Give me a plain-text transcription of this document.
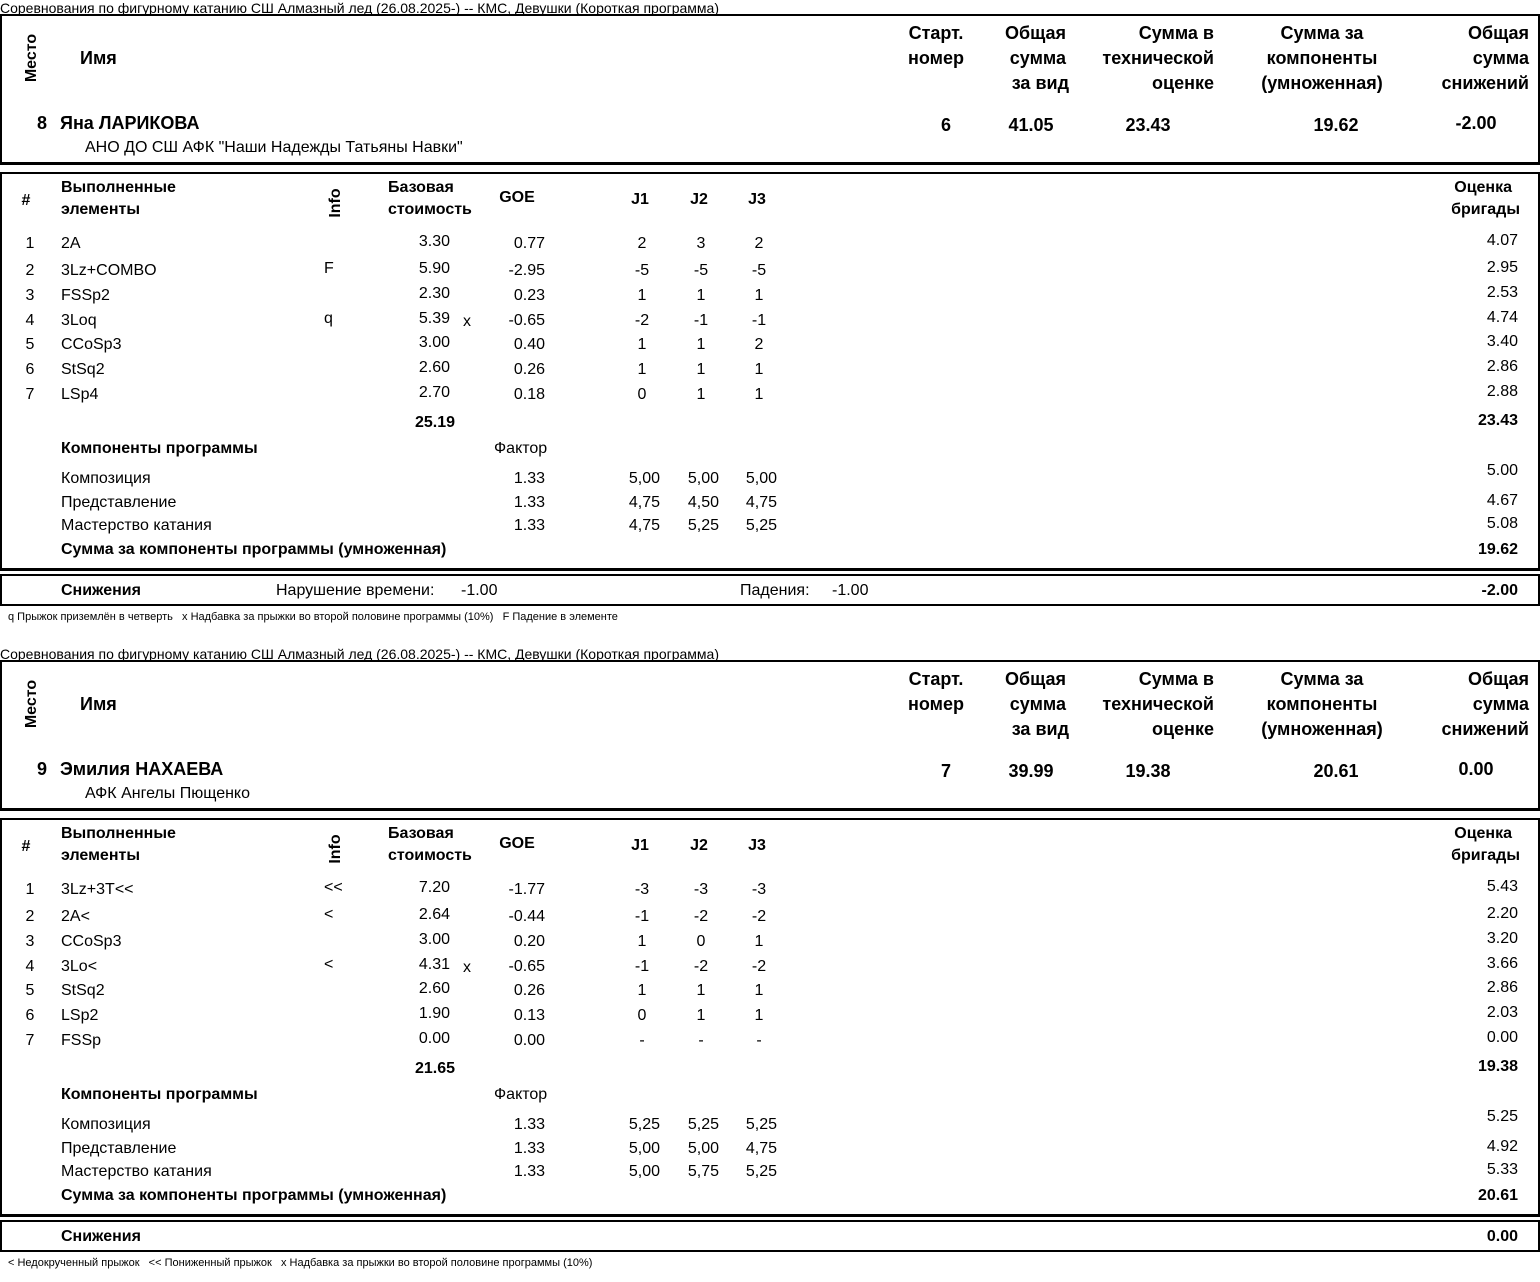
Соревнования по фигурному катанию СШ Алмазный лед (26.08.2025-) -- КМС, Девушки (Короткая программа)
Место Имя
Старт.
номер
Общая
сумма
за вид
Сумма в
технической
оценке
Сумма за
компоненты
(умноженная)
Общая
сумма
снижений
8 Яна ЛАРИКОВА
АНО ДО СШ АФК "Наши Надежды Татьяны Навки"
6	41.05	23.43	19.62	-2.00
#
Выполненные
элементы	Info
Базовая
стоимость
GOE	J1	J2	J3
Оценка
бригады
1 2A	3.30	0.77	2	3	2	4.07
2 3Lz+COMBO	F	5.90	-2.95	-5	-5	-5	2.95
3 FSSp2	2.30	0.23	1	1	1	2.53
4 3Loq	q	5.39 x -0.65	-2	-1	-1	4.74
5 CCoSp3	3.00	0.40	1	1	2	3.40
6 StSq2	2.60	0.26	1	1	1	2.86
7 LSp4	2.70	0.18	0	1	1	2.88
25.19	23.43
Компоненты программы	Фактор
Композиция	1.33	5,00 5,00 5,00	5.00
Представление	1.33	4,75 4,50 4,75	4.67
Мастерство катания	1.33	4,75 5,25 5,25	5.08
Сумма за компоненты программы (умноженная)	19.62
Снижения	Нарушение времени: -1.00	Падения: -1.00	-2.00
q Прыжок приземлён в четверть   x Надбавка за прыжки во второй половине программы (10%)   F Падение в элементе
Соревнования по фигурному катанию СШ Алмазный лед (26.08.2025-) -- КМС, Девушки (Короткая программа)
Место Имя
Старт.
номер
Общая
сумма
за вид
Сумма в
технической
оценке
Сумма за
компоненты
(умноженная)
Общая
сумма
снижений
9 Эмилия НАХАЕВА
АФК Ангелы Пющенко
7	39.99	19.38	20.61	0.00
#
Выполненные
элементы	Info
Базовая
стоимость
GOE	J1	J2	J3
Оценка
бригады
1 3Lz+3T<<	<<	7.20	-1.77	-3	-3	-3	5.43
2 2A<	<	2.64	-0.44	-1	-2	-2	2.20
3 CCoSp3	3.00	0.20	1	0	1	3.20
4 3Lo<	<	4.31 x -0.65	-1	-2	-2	3.66
5 StSq2	2.60	0.26	1	1	1	2.86
6 LSp2	1.90	0.13	0	1	1	2.03
7 FSSp	0.00	0.00	-	-	-	0.00
21.65	19.38
Компоненты программы	Фактор
Композиция	1.33	5,25 5,25 5,25	5.25
Представление	1.33	5,00 5,00 4,75	4.92
Мастерство катания	1.33	5,00 5,75 5,25	5.33
Сумма за компоненты программы (умноженная)	20.61
Снижения	0.00
< Недокрученный прыжок   << Пониженный прыжок   x Надбавка за прыжки во второй половине программы (10%)
